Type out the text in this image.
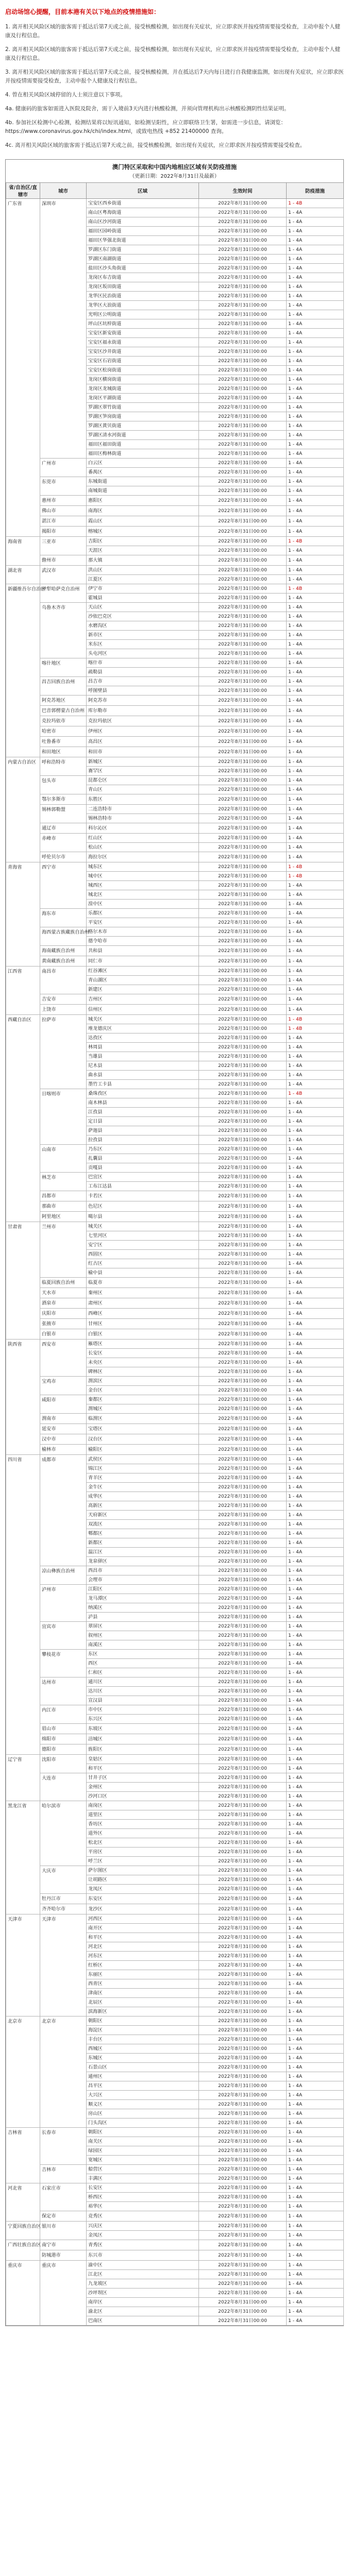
启动场馆心提醒，目前本港有关以下地点的疫情措施如：
1. 离开相关风险区域的旅客需于抵达后第7天或之前，接受核酸检测，如出现有关症状，应立即求医并按疫情需要接受检查，主动申报个人健康及行程信息。
2. 离开相关风险区域的旅客需于抵达后第7天或之前，接受核酸检测，如出现有关症状，应立即求医并按疫情需要接受检查，主动申报个人健康及行程信息。
3. 离开相关风险区域的旅客需于抵达后第7天或之前，接受核酸检测，并在抵达后7天内每日进行自我健康监测，如出现有关症状，应立即求医并按疫情需要接受检查，主动申报个人健康及行程信息。
4. 曾在相关风险区域停留的人士须注意以下事项。
4a. 健康码的旅客如需进入医院及院舍，需于入境前3天内进行核酸检测，并须向管理机构出示核酸检测阴性结果证明。
4b. 参加社区检测中心检测，检测结果将以短讯通知，如检测呈阳性，应立即联络卫生署，如需进一步信息，请浏览：https://www.coronavirus.gov.hk/chi/index.html，或致电热线 +852 21400000 查询。
4c. 离开相关风险区域的旅客需于抵达后第7天或之前，接受核酸检测，如出现有关症状，应立即求医并按疫情需要接受检查。
澳门特区采取和中国内地相应区域有关防疫措施
（更新日期：2022年8月31日及最新）
省/自治区/直辖市	城市	区域	生效时间	防疫措施
广东省	深圳市	宝安区西乡街道	2022年8月31日00:00	1 - 4B
		南山区粤海街道	2022年8月31日00:00	1 - 4A
		南山区沙河街道	2022年8月31日00:00	1 - 4A
		福田区园岭街道	2022年8月31日00:00	1 - 4A
		福田区华强北街道	2022年8月31日00:00	1 - 4A
		罗湖区东门街道	2022年8月31日00:00	1 - 4A
		罗湖区南湖街道	2022年8月31日00:00	1 - 4A
		盐田区沙头角街道	2022年8月31日00:00	1 - 4A
		龙岗区布吉街道	2022年8月31日00:00	1 - 4A
		龙岗区坂田街道	2022年8月31日00:00	1 - 4A
		龙华区民治街道	2022年8月31日00:00	1 - 4A
		龙华区大浪街道	2022年8月31日00:00	1 - 4A
		光明区公明街道	2022年8月31日00:00	1 - 4A
		坪山区坑梓街道	2022年8月31日00:00	1 - 4A
		宝安区新安街道	2022年8月31日00:00	1 - 4A
		宝安区福永街道	2022年8月31日00:00	1 - 4A
		宝安区沙井街道	2022年8月31日00:00	1 - 4A
		宝安区石岩街道	2022年8月31日00:00	1 - 4A
		宝安区松岗街道	2022年8月31日00:00	1 - 4A
		龙岗区横岗街道	2022年8月31日00:00	1 - 4A
		龙岗区龙城街道	2022年8月31日00:00	1 - 4A
		龙岗区平湖街道	2022年8月31日00:00	1 - 4A
		罗湖区翠竹街道	2022年8月31日00:00	1 - 4A
		罗湖区笋岗街道	2022年8月31日00:00	1 - 4A
		罗湖区黄贝街道	2022年8月31日00:00	1 - 4A
		罗湖区清水河街道	2022年8月31日00:00	1 - 4A
		福田区福田街道	2022年8月31日00:00	1 - 4A
		福田区梅林街道	2022年8月31日00:00	1 - 4A
	广州市	白云区	2022年8月31日00:00	1 - 4A
		番禺区	2022年8月31日00:00	1 - 4A
	东莞市	东城街道	2022年8月31日00:00	1 - 4A
		南城街道	2022年8月31日00:00	1 - 4A
	惠州市	惠阳区	2022年8月31日00:00	1 - 4A
	佛山市	南海区	2022年8月31日00:00	1 - 4A
	湛江市	霞山区	2022年8月31日00:00	1 - 4A
	揭阳市	榕城区	2022年8月31日00:00	1 - 4A
海南省	三亚市	吉阳区	2022年8月31日00:00	1 - 4B
		天涯区	2022年8月31日00:00	1 - 4A
	儋州市	那大镇	2022年8月31日00:00	1 - 4A
湖北省	武汉市	洪山区	2022年8月31日00:00	1 - 4A
		江夏区	2022年8月31日00:00	1 - 4A
新疆维吾尔自治区	伊犁哈萨克自治州	伊宁市	2022年8月31日00:00	1 - 4B
		霍城县	2022年8月31日00:00	1 - 4A
	乌鲁木齐市	天山区	2022年8月31日00:00	1 - 4A
		沙依巴克区	2022年8月31日00:00	1 - 4A
		水磨沟区	2022年8月31日00:00	1 - 4A
		新市区	2022年8月31日00:00	1 - 4A
		米东区	2022年8月31日00:00	1 - 4A
		头屯河区	2022年8月31日00:00	1 - 4A
	喀什地区	喀什市	2022年8月31日00:00	1 - 4A
		疏勒县	2022年8月31日00:00	1 - 4A
	昌吉回族自治州	昌吉市	2022年8月31日00:00	1 - 4A
		呼图壁县	2022年8月31日00:00	1 - 4A
	阿克苏地区	阿克苏市	2022年8月31日00:00	1 - 4A
	巴音郭楞蒙古自治州	库尔勒市	2022年8月31日00:00	1 - 4A
	克拉玛依市	克拉玛依区	2022年8月31日00:00	1 - 4A
	哈密市	伊州区	2022年8月31日00:00	1 - 4A
	吐鲁番市	高昌区	2022年8月31日00:00	1 - 4A
	和田地区	和田市	2022年8月31日00:00	1 - 4A
内蒙古自治区	呼和浩特市	新城区	2022年8月31日00:00	1 - 4A
		赛罕区	2022年8月31日00:00	1 - 4A
	包头市	昆都仑区	2022年8月31日00:00	1 - 4A
		青山区	2022年8月31日00:00	1 - 4A
	鄂尔多斯市	东胜区	2022年8月31日00:00	1 - 4A
	锡林郭勒盟	二连浩特市	2022年8月31日00:00	1 - 4A
		锡林浩特市	2022年8月31日00:00	1 - 4A
	通辽市	科尔沁区	2022年8月31日00:00	1 - 4A
	赤峰市	红山区	2022年8月31日00:00	1 - 4A
		松山区	2022年8月31日00:00	1 - 4A
	呼伦贝尔市	海拉尔区	2022年8月31日00:00	1 - 4A
青海省	西宁市	城东区	2022年8月31日00:00	1 - 4B
		城中区	2022年8月31日00:00	1 - 4B
		城西区	2022年8月31日00:00	1 - 4A
		城北区	2022年8月31日00:00	1 - 4A
		湟中区	2022年8月31日00:00	1 - 4A
	海东市	乐都区	2022年8月31日00:00	1 - 4A
		平安区	2022年8月31日00:00	1 - 4A
	海西蒙古族藏族自治州	格尔木市	2022年8月31日00:00	1 - 4A
		德令哈市	2022年8月31日00:00	1 - 4A
	海南藏族自治州	共和县	2022年8月31日00:00	1 - 4A
	黄南藏族自治州	同仁市	2022年8月31日00:00	1 - 4A
江西省	南昌市	红谷滩区	2022年8月31日00:00	1 - 4A
		青山湖区	2022年8月31日00:00	1 - 4A
		新建区	2022年8月31日00:00	1 - 4A
	吉安市	吉州区	2022年8月31日00:00	1 - 4A
	上饶市	信州区	2022年8月31日00:00	1 - 4A
西藏自治区	拉萨市	城关区	2022年8月31日00:00	1 - 4B
		堆龙德庆区	2022年8月31日00:00	1 - 4B
		达孜区	2022年8月31日00:00	1 - 4A
		林周县	2022年8月31日00:00	1 - 4A
		当雄县	2022年8月31日00:00	1 - 4A
		尼木县	2022年8月31日00:00	1 - 4A
		曲水县	2022年8月31日00:00	1 - 4A
		墨竹工卡县	2022年8月31日00:00	1 - 4A
	日喀则市	桑珠孜区	2022年8月31日00:00	1 - 4B
		南木林县	2022年8月31日00:00	1 - 4A
		江孜县	2022年8月31日00:00	1 - 4A
		定日县	2022年8月31日00:00	1 - 4A
		萨迦县	2022年8月31日00:00	1 - 4A
		拉孜县	2022年8月31日00:00	1 - 4A
	山南市	乃东区	2022年8月31日00:00	1 - 4A
		扎囊县	2022年8月31日00:00	1 - 4A
		贡嘎县	2022年8月31日00:00	1 - 4A
	林芝市	巴宜区	2022年8月31日00:00	1 - 4A
		工布江达县	2022年8月31日00:00	1 - 4A
	昌都市	卡若区	2022年8月31日00:00	1 - 4A
	那曲市	色尼区	2022年8月31日00:00	1 - 4A
	阿里地区	噶尔县	2022年8月31日00:00	1 - 4A
甘肃省	兰州市	城关区	2022年8月31日00:00	1 - 4A
		七里河区	2022年8月31日00:00	1 - 4A
		安宁区	2022年8月31日00:00	1 - 4A
		西固区	2022年8月31日00:00	1 - 4A
		红古区	2022年8月31日00:00	1 - 4A
		榆中县	2022年8月31日00:00	1 - 4A
	临夏回族自治州	临夏市	2022年8月31日00:00	1 - 4A
	天水市	秦州区	2022年8月31日00:00	1 - 4A
	酒泉市	肃州区	2022年8月31日00:00	1 - 4A
	庆阳市	西峰区	2022年8月31日00:00	1 - 4A
	张掖市	甘州区	2022年8月31日00:00	1 - 4A
	白银市	白银区	2022年8月31日00:00	1 - 4A
陕西省	西安市	雁塔区	2022年8月31日00:00	1 - 4A
		长安区	2022年8月31日00:00	1 - 4A
		未央区	2022年8月31日00:00	1 - 4A
		碑林区	2022年8月31日00:00	1 - 4A
	宝鸡市	渭滨区	2022年8月31日00:00	1 - 4A
		金台区	2022年8月31日00:00	1 - 4A
	咸阳市	秦都区	2022年8月31日00:00	1 - 4A
		渭城区	2022年8月31日00:00	1 - 4A
	渭南市	临渭区	2022年8月31日00:00	1 - 4A
	延安市	宝塔区	2022年8月31日00:00	1 - 4A
	汉中市	汉台区	2022年8月31日00:00	1 - 4A
	榆林市	榆阳区	2022年8月31日00:00	1 - 4A
四川省	成都市	武侯区	2022年8月31日00:00	1 - 4A
		锦江区	2022年8月31日00:00	1 - 4A
		青羊区	2022年8月31日00:00	1 - 4A
		金牛区	2022年8月31日00:00	1 - 4A
		成华区	2022年8月31日00:00	1 - 4A
		高新区	2022年8月31日00:00	1 - 4A
		天府新区	2022年8月31日00:00	1 - 4A
		双流区	2022年8月31日00:00	1 - 4A
		郫都区	2022年8月31日00:00	1 - 4A
		新都区	2022年8月31日00:00	1 - 4A
		温江区	2022年8月31日00:00	1 - 4A
		龙泉驿区	2022年8月31日00:00	1 - 4A
	凉山彝族自治州	西昌市	2022年8月31日00:00	1 - 4A
		会理市	2022年8月31日00:00	1 - 4A
	泸州市	江阳区	2022年8月31日00:00	1 - 4A
		龙马潭区	2022年8月31日00:00	1 - 4A
		纳溪区	2022年8月31日00:00	1 - 4A
		泸县	2022年8月31日00:00	1 - 4A
	宜宾市	翠屏区	2022年8月31日00:00	1 - 4A
		叙州区	2022年8月31日00:00	1 - 4A
		南溪区	2022年8月31日00:00	1 - 4A
	攀枝花市	东区	2022年8月31日00:00	1 - 4A
		西区	2022年8月31日00:00	1 - 4A
		仁和区	2022年8月31日00:00	1 - 4A
	达州市	通川区	2022年8月31日00:00	1 - 4A
		达川区	2022年8月31日00:00	1 - 4A
		宣汉县	2022年8月31日00:00	1 - 4A
	内江市	市中区	2022年8月31日00:00	1 - 4A
		东兴区	2022年8月31日00:00	1 - 4A
	眉山市	东坡区	2022年8月31日00:00	1 - 4A
	绵阳市	涪城区	2022年8月31日00:00	1 - 4A
	德阳市	旌阳区	2022年8月31日00:00	1 - 4A
辽宁省	沈阳市	皇姑区	2022年8月31日00:00	1 - 4A
		和平区	2022年8月31日00:00	1 - 4A
	大连市	甘井子区	2022年8月31日00:00	1 - 4A
		金州区	2022年8月31日00:00	1 - 4A
		沙河口区	2022年8月31日00:00	1 - 4A
黑龙江省	哈尔滨市	南岗区	2022年8月31日00:00	1 - 4A
		道里区	2022年8月31日00:00	1 - 4A
		香坊区	2022年8月31日00:00	1 - 4A
		道外区	2022年8月31日00:00	1 - 4A
		松北区	2022年8月31日00:00	1 - 4A
		平房区	2022年8月31日00:00	1 - 4A
		呼兰区	2022年8月31日00:00	1 - 4A
	大庆市	萨尔图区	2022年8月31日00:00	1 - 4A
		让胡路区	2022年8月31日00:00	1 - 4A
		龙凤区	2022年8月31日00:00	1 - 4A
	牡丹江市	东安区	2022年8月31日00:00	1 - 4A
	齐齐哈尔市	龙沙区	2022年8月31日00:00	1 - 4A
天津市	天津市	河西区	2022年8月31日00:00	1 - 4A
		南开区	2022年8月31日00:00	1 - 4A
		和平区	2022年8月31日00:00	1 - 4A
		河北区	2022年8月31日00:00	1 - 4A
		河东区	2022年8月31日00:00	1 - 4A
		红桥区	2022年8月31日00:00	1 - 4A
		东丽区	2022年8月31日00:00	1 - 4A
		西青区	2022年8月31日00:00	1 - 4A
		津南区	2022年8月31日00:00	1 - 4A
		北辰区	2022年8月31日00:00	1 - 4A
		滨海新区	2022年8月31日00:00	1 - 4A
北京市	北京市	朝阳区	2022年8月31日00:00	1 - 4A
		海淀区	2022年8月31日00:00	1 - 4A
		丰台区	2022年8月31日00:00	1 - 4A
		西城区	2022年8月31日00:00	1 - 4A
		东城区	2022年8月31日00:00	1 - 4A
		石景山区	2022年8月31日00:00	1 - 4A
		通州区	2022年8月31日00:00	1 - 4A
		昌平区	2022年8月31日00:00	1 - 4A
		大兴区	2022年8月31日00:00	1 - 4A
		顺义区	2022年8月31日00:00	1 - 4A
		房山区	2022年8月31日00:00	1 - 4A
		门头沟区	2022年8月31日00:00	1 - 4A
吉林省	长春市	朝阳区	2022年8月31日00:00	1 - 4A
		南关区	2022年8月31日00:00	1 - 4A
		绿园区	2022年8月31日00:00	1 - 4A
		宽城区	2022年8月31日00:00	1 - 4A
	吉林市	船营区	2022年8月31日00:00	1 - 4A
		丰满区	2022年8月31日00:00	1 - 4A
河北省	石家庄市	长安区	2022年8月31日00:00	1 - 4A
		桥西区	2022年8月31日00:00	1 - 4A
		裕华区	2022年8月31日00:00	1 - 4A
	保定市	竞秀区	2022年8月31日00:00	1 - 4A
宁夏回族自治区	银川市	兴庆区	2022年8月31日00:00	1 - 4A
		金凤区	2022年8月31日00:00	1 - 4A
广西壮族自治区	南宁市	青秀区	2022年8月31日00:00	1 - 4A
	防城港市	东兴市	2022年8月31日00:00	1 - 4A
重庆市	重庆市	渝中区	2022年8月31日00:00	1 - 4A
		江北区	2022年8月31日00:00	1 - 4A
		九龙坡区	2022年8月31日00:00	1 - 4A
		沙坪坝区	2022年8月31日00:00	1 - 4A
		南岸区	2022年8月31日00:00	1 - 4A
		渝北区	2022年8月31日00:00	1 - 4A
		巴南区	2022年8月31日00:00	1 - 4A
